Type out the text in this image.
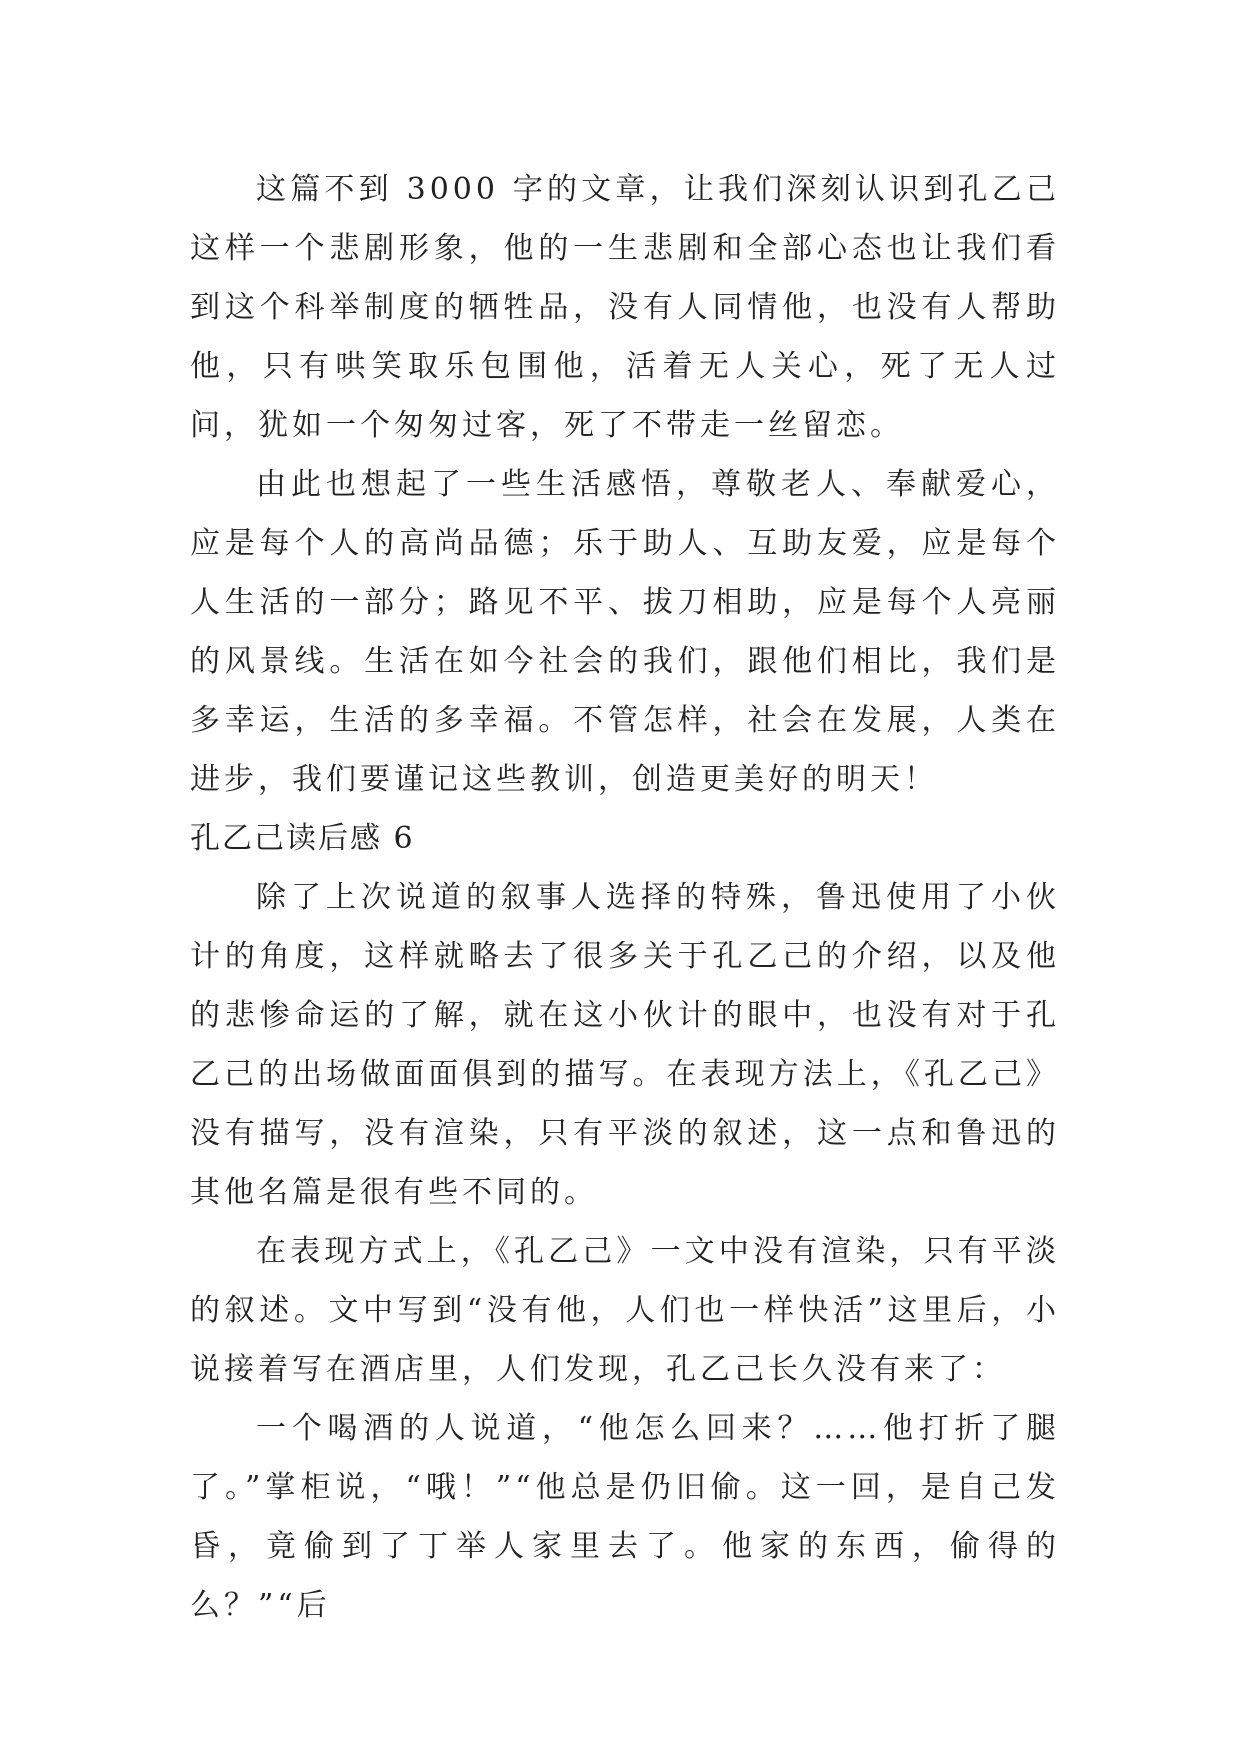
这篇不到 3000 字的文章，让我们深刻认识到孔乙己这样一个悲剧形象，他的一生悲剧和全部心态也让我们看到这个科举制度的牺牲品，没有人同情他，也没有人帮助他，只有哄笑取乐包围他，活着无人关心，死了无人过问，犹如一个匆匆过客，死了不带走一丝留恋。

由此也想起了一些生活感悟，尊敬老人、奉献爱心，应是每个人的高尚品德；乐于助人、互助友爱，应是每个人生活的一部分；路见不平、拔刀相助，应是每个人亮丽的风景线。生活在如今社会的我们，跟他们相比，我们是多幸运，生活的多幸福。不管怎样，社会在发展，人类在进步，我们要谨记这些教训，创造更美好的明天！

孔乙己读后感 6

除了上次说道的叙事人选择的特殊，鲁迅使用了小伙计的角度，这样就略去了很多关于孔乙己的介绍，以及他的悲惨命运的了解，就在这小伙计的眼中，也没有对于孔乙己的出场做面面俱到的描写。在表现方法上，《孔乙己》没有描写，没有渲染，只有平淡的叙述，这一点和鲁迅的其他名篇是很有些不同的。

在表现方式上，《孔乙己》一文中没有渲染，只有平淡的叙述。文中写到“没有他，人们也一样快活”这里后，小说接着写在酒店里，人们发现，孔乙己长久没有来了：

一个喝酒的人说道，“他怎么回来？……他打折了腿了。”掌柜说，“哦！”“他总是仍旧偷。这一回，是自己发昏，竟偷到了丁举人家里去了。他家的东西，偷得的么？”“后
